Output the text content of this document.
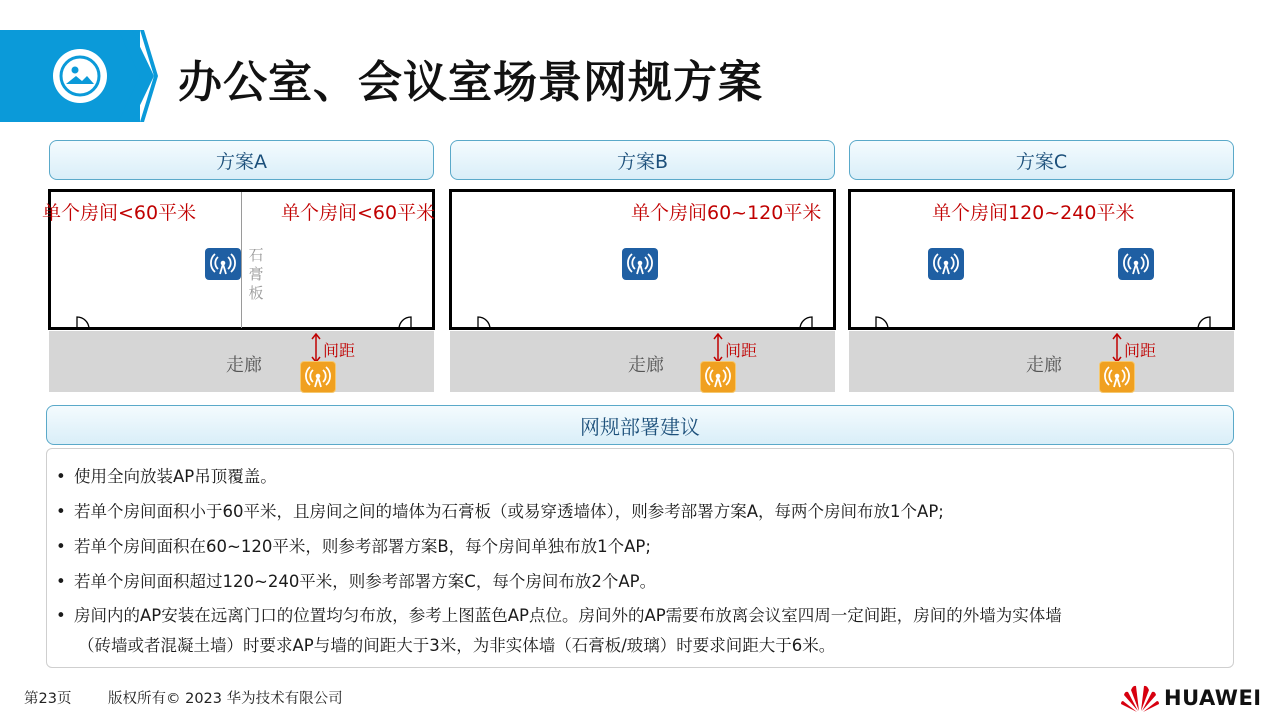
办公室、会议室场景网规方案
方案A
石膏板
单个房间<60平米	单个房间<60平米
走廊
间距
方案B
单个房间60~120平米
走廊
间距
方案C
单个房间120~240平米
走廊
间距
网规部署建议
• 使用全向放装AP吊顶覆盖。
• 若单个房间面积小于60平米，且房间之间的墙体为石膏板（或易穿透墙体），则参考部署方案A，每两个房间布放1个AP;
• 若单个房间面积在60~120平米，则参考部署方案B，每个房间单独布放1个AP;
• 若单个房间面积超过120~240平米，则参考部署方案C，每个房间布放2个AP。
• 房间内的AP安装在远离门口的位置均匀布放，参考上图蓝色AP点位。房间外的AP需要布放离会议室四周一定间距，房间的外墙为实体墙
（砖墙或者混凝土墙）时要求AP与墙的间距大于3米，为非实体墙（石膏板/玻璃）时要求间距大于6米。
第23页	版权所有© 2023 华为技术有限公司	HUAWEI
